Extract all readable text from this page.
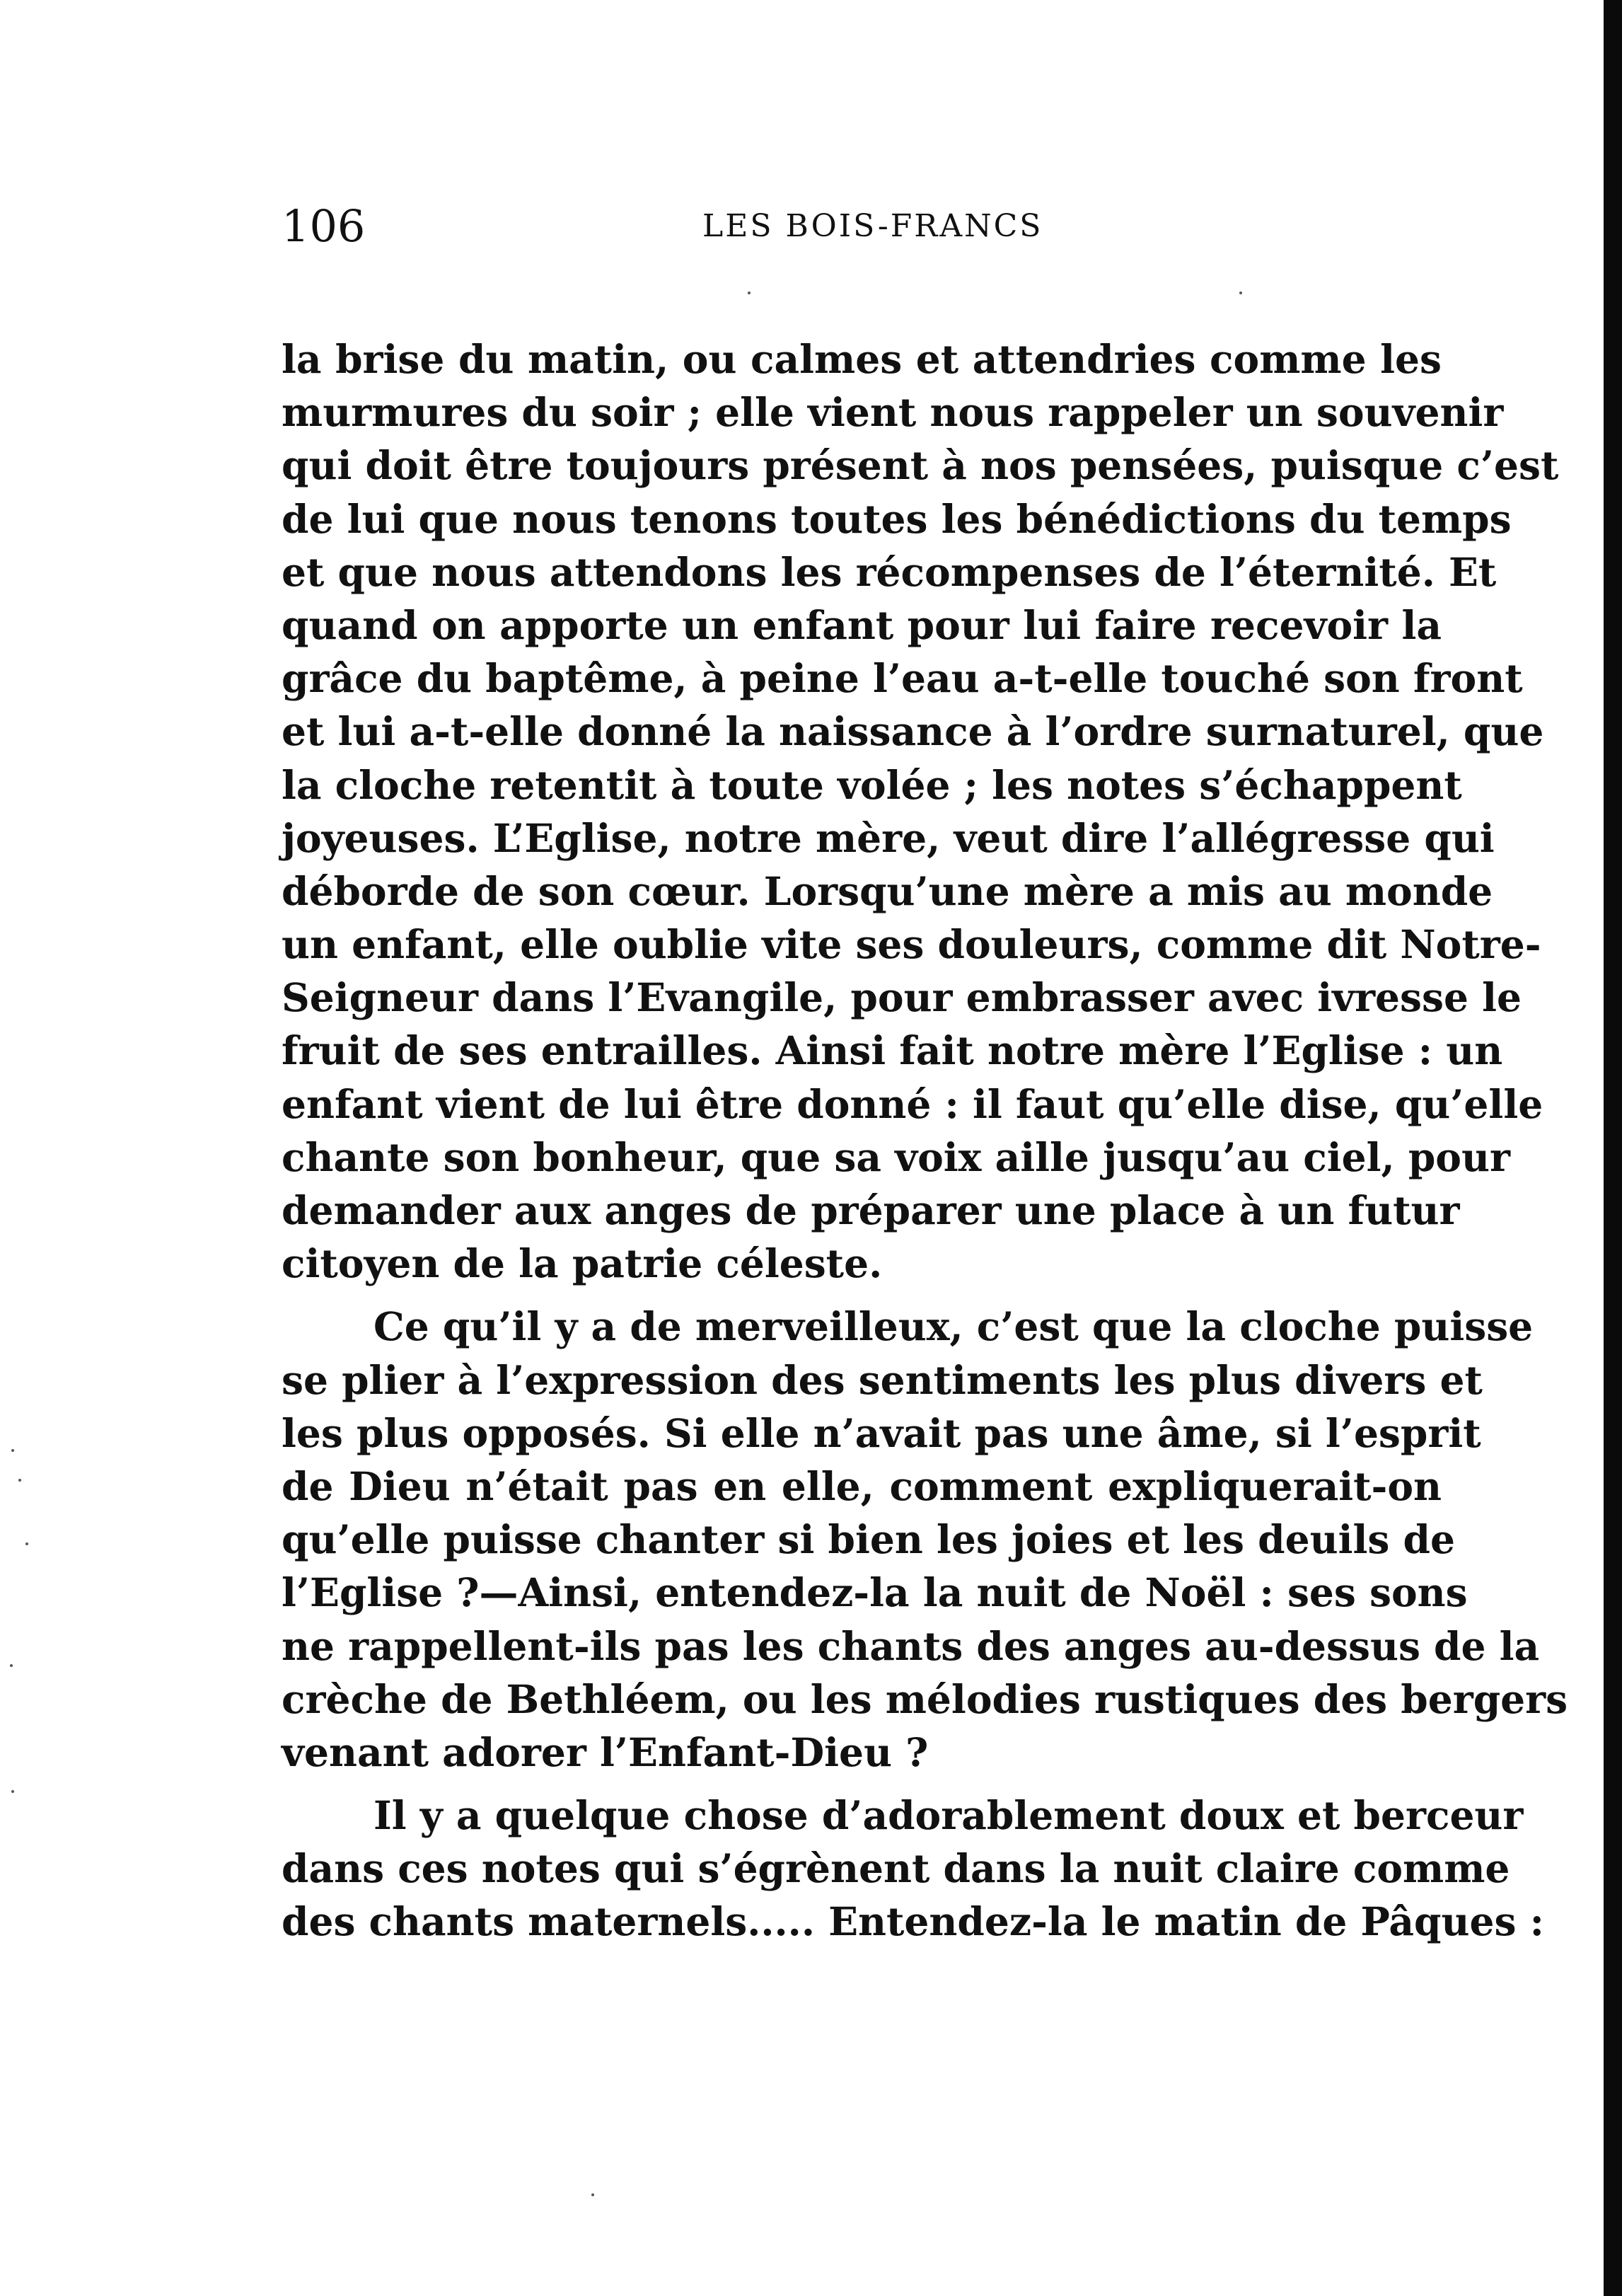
106	LES BOIS-FRANCS
la brise du matin, ou calmes et attendries comme les
murmures du soir ; elle vient nous rappeler un souvenir
qui doit être toujours présent à nos pensées, puisque c’est
de lui que nous tenons toutes les bénédictions du temps
et que nous attendons les récompenses de l’éternité. Et
quand on apporte un enfant pour lui faire recevoir la
grâce du baptême, à peine l’eau a-t-elle touché son front
et lui a-t-elle donné la naissance à l’ordre surnaturel, que
la cloche retentit à toute volée ; les notes s’échappent
joyeuses. L’Eglise, notre mère, veut dire l’allégresse qui
déborde de son cœur. Lorsqu’une mère a mis au monde
un enfant, elle oublie vite ses douleurs, comme dit Notre-
Seigneur dans l’Evangile, pour embrasser avec ivresse le
fruit de ses entrailles. Ainsi fait notre mère l’Eglise : un
enfant vient de lui être donné : il faut qu’elle dise, qu’elle
chante son bonheur, que sa voix aille jusqu’au ciel, pour
demander aux anges de préparer une place à un futur
citoyen de la patrie céleste.
Ce qu’il y a de merveilleux, c’est que la cloche puisse
se plier à l’expression des sentiments les plus divers et
les plus opposés. Si elle n’avait pas une âme, si l’esprit
de Dieu n’était pas en elle, comment expliquerait-on
qu’elle puisse chanter si bien les joies et les deuils de
l’Eglise ?—Ainsi, entendez-la la nuit de Noël : ses sons
ne rappellent-ils pas les chants des anges au-dessus de la
crèche de Bethléem, ou les mélodies rustiques des bergers
venant adorer l’Enfant-Dieu ?
Il y a quelque chose d’adorablement doux et berceur
dans ces notes qui s’égrènent dans la nuit claire comme
des chants maternels..... Entendez-la le matin de Pâques :
